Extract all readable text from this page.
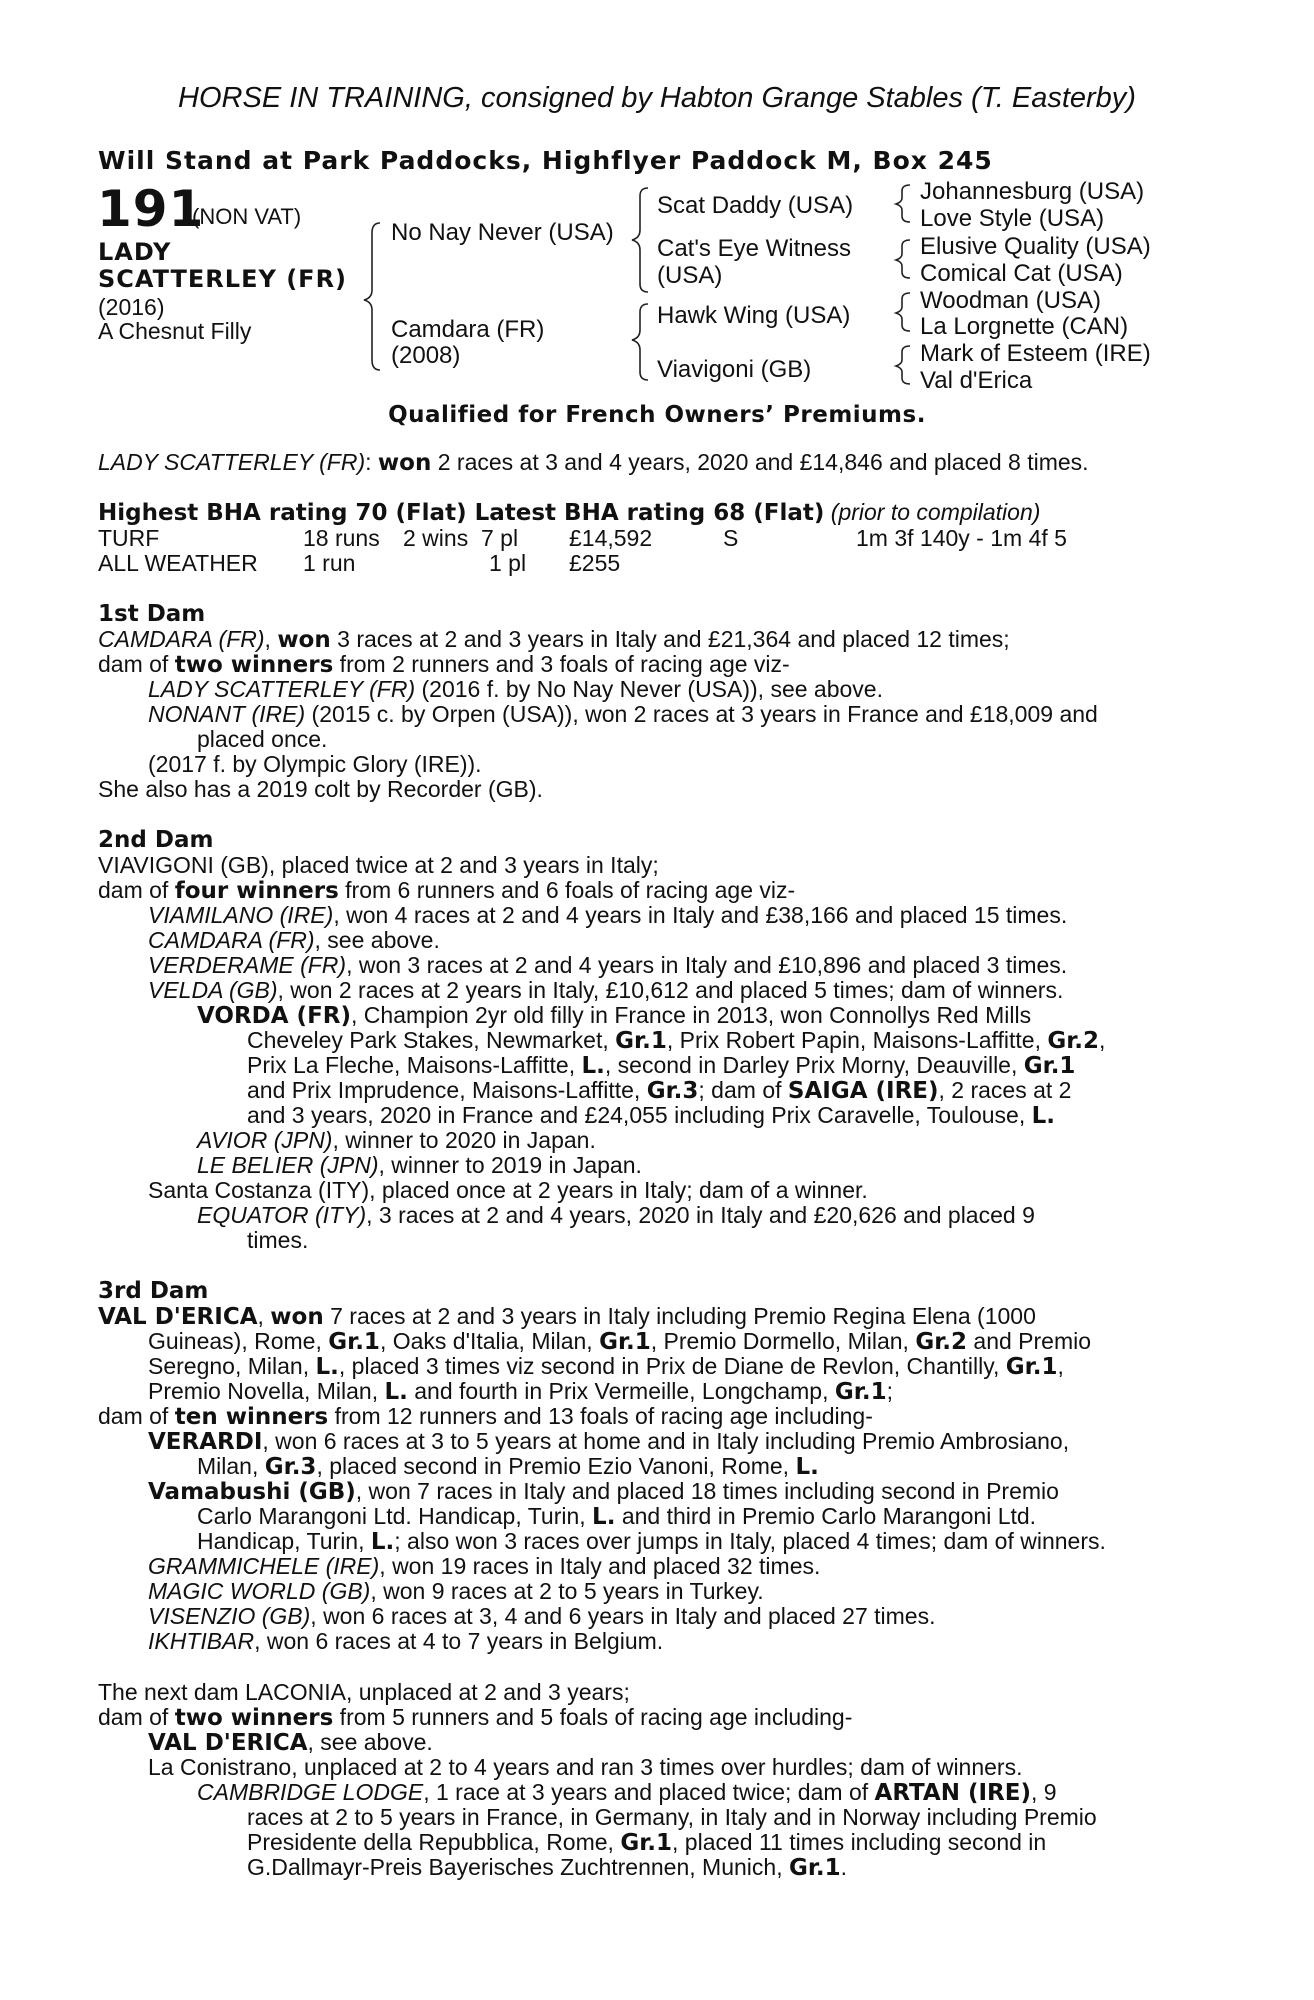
HORSE IN TRAINING, consigned by Habton Grange Stables (T. Easterby)
Will Stand at Park Paddocks, Highflyer Paddock M, Box 245
191
(NON VAT)
LADY
SCATTERLEY (FR)
(2016)
A Chesnut Filly
No Nay Never (USA)
Camdara (FR)
(2008)
Scat Daddy (USA)
Cat's Eye Witness
(USA)
Hawk Wing (USA)
Viavigoni (GB)
Johannesburg (USA)
Love Style (USA)
Elusive Quality (USA)
Comical Cat (USA)
Woodman (USA)
La Lorgnette (CAN)
Mark of Esteem (IRE)
Val d'Erica
Qualified for French Owners’ Premiums.
LADY SCATTERLEY (FR): won 2 races at 3 and 4 years, 2020 and £14,846 and placed 8 times.
Highest BHA rating 70 (Flat) Latest BHA rating 68 (Flat) (prior to compilation)
TURF	18 runs 2 wins 7 pl £14,592	S	1m 3f 140y - 1m 4f 5
ALL WEATHER 1 run	1 pl £255
1st Dam
CAMDARA (FR), won 3 races at 2 and 3 years in Italy and £21,364 and placed 12 times;
dam of two winners from 2 runners and 3 foals of racing age viz-
LADY SCATTERLEY (FR) (2016 f. by No Nay Never (USA)), see above.
NONANT (IRE) (2015 c. by Orpen (USA)), won 2 races at 3 years in France and £18,009 and
placed once.
(2017 f. by Olympic Glory (IRE)).
She also has a 2019 colt by Recorder (GB).
2nd Dam
VIAVIGONI (GB), placed twice at 2 and 3 years in Italy;
dam of four winners from 6 runners and 6 foals of racing age viz-
VIAMILANO (IRE), won 4 races at 2 and 4 years in Italy and £38,166 and placed 15 times.
CAMDARA (FR), see above.
VERDERAME (FR), won 3 races at 2 and 4 years in Italy and £10,896 and placed 3 times.
VELDA (GB), won 2 races at 2 years in Italy, £10,612 and placed 5 times; dam of winners.
VORDA (FR), Champion 2yr old filly in France in 2013, won Connollys Red Mills
Cheveley Park Stakes, Newmarket, Gr.1, Prix Robert Papin, Maisons-Laffitte, Gr.2,
Prix La Fleche, Maisons-Laffitte, L., second in Darley Prix Morny, Deauville, Gr.1
and Prix Imprudence, Maisons-Laffitte, Gr.3; dam of SAIGA (IRE), 2 races at 2
and 3 years, 2020 in France and £24,055 including Prix Caravelle, Toulouse, L.
AVIOR (JPN), winner to 2020 in Japan.
LE BELIER (JPN), winner to 2019 in Japan.
Santa Costanza (ITY), placed once at 2 years in Italy; dam of a winner.
EQUATOR (ITY), 3 races at 2 and 4 years, 2020 in Italy and £20,626 and placed 9
times.
3rd Dam
VAL D'ERICA, won 7 races at 2 and 3 years in Italy including Premio Regina Elena (1000
Guineas), Rome, Gr.1, Oaks d'Italia, Milan, Gr.1, Premio Dormello, Milan, Gr.2 and Premio
Seregno, Milan, L., placed 3 times viz second in Prix de Diane de Revlon, Chantilly, Gr.1,
Premio Novella, Milan, L. and fourth in Prix Vermeille, Longchamp, Gr.1;
dam of ten winners from 12 runners and 13 foals of racing age including-
VERARDI, won 6 races at 3 to 5 years at home and in Italy including Premio Ambrosiano,
Milan, Gr.3, placed second in Premio Ezio Vanoni, Rome, L.
Vamabushi (GB), won 7 races in Italy and placed 18 times including second in Premio
Carlo Marangoni Ltd. Handicap, Turin, L. and third in Premio Carlo Marangoni Ltd.
Handicap, Turin, L.; also won 3 races over jumps in Italy, placed 4 times; dam of winners.
GRAMMICHELE (IRE), won 19 races in Italy and placed 32 times.
MAGIC WORLD (GB), won 9 races at 2 to 5 years in Turkey.
VISENZIO (GB), won 6 races at 3, 4 and 6 years in Italy and placed 27 times.
IKHTIBAR, won 6 races at 4 to 7 years in Belgium.
The next dam LACONIA, unplaced at 2 and 3 years;
dam of two winners from 5 runners and 5 foals of racing age including-
VAL D'ERICA, see above.
La Conistrano, unplaced at 2 to 4 years and ran 3 times over hurdles; dam of winners.
CAMBRIDGE LODGE, 1 race at 3 years and placed twice; dam of ARTAN (IRE), 9
races at 2 to 5 years in France, in Germany, in Italy and in Norway including Premio
Presidente della Repubblica, Rome, Gr.1, placed 11 times including second in
G.Dallmayr-Preis Bayerisches Zuchtrennen, Munich, Gr.1.
